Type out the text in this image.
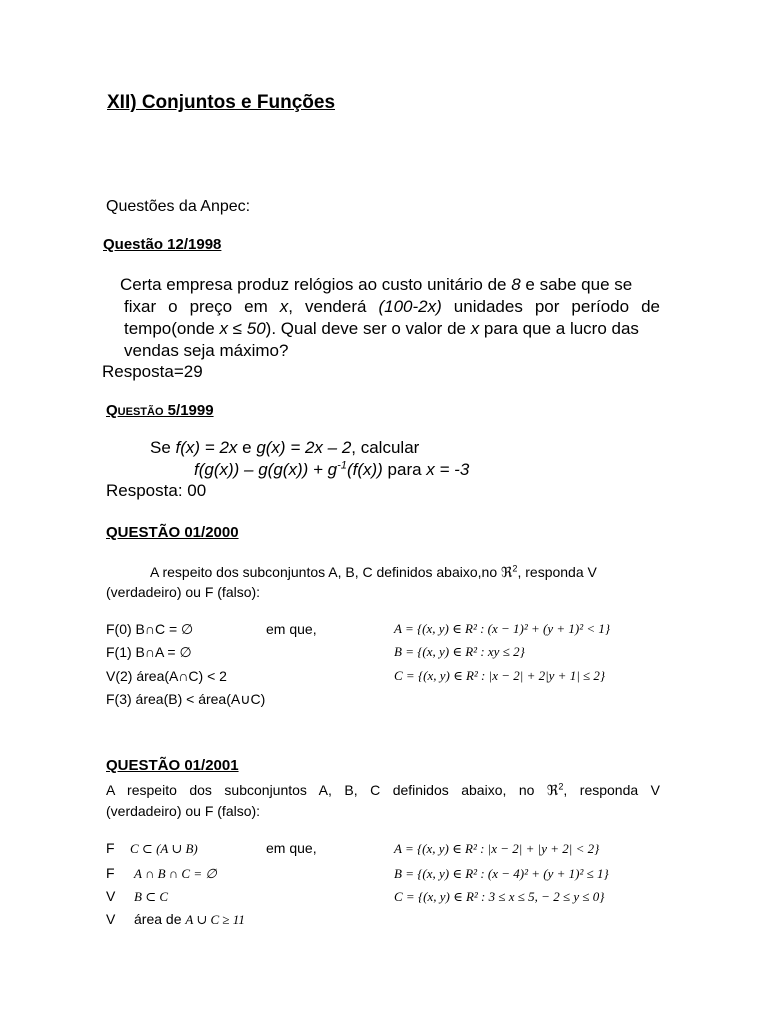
XII) Conjuntos e Funções
Questões da Anpec:
Questão 12/1998
Certa empresa produz relógios ao custo unitário de 8 e sabe que se
fixar o preço em x, venderá (100-2x) unidades por período de
tempo(onde x ≤ 50). Qual deve ser o valor de x para que a lucro das
vendas seja máximo?
Resposta=29
QUESTÃO 5/1999
Se f(x) = 2x e g(x) = 2x – 2, calcular
$f(g(x)) - g(g(x)) + g^{-1}(f(x))$ para x = -3
Resposta: 00
QUESTÃO 01/2000
A respeito dos subconjuntos A, B, C definidos abaixo,no ℜ$^2$, responda V
(verdadeiro) ou F (falso):
F(0) B∩C = ∅
F(1) B∩A = ∅
V(2) área(A∩C) < 2
F(3) área(B) < área(A∪C)
em que,	A = {(x, y) ∈ R² : (x − 1)² + (y + 1)² < 1}
B = {(x, y) ∈ R² : xy ≤ 2}
C = {(x, y) ∈ R² : |x − 2| + 2|y + 1| ≤ 2}
QUESTÃO 01/2001
A respeito dos subconjuntos A, B, C definidos abaixo, no ℜ$^2$, responda V
(verdadeiro) ou F (falso):
F C ⊂ (A ∪ B)
F A ∩ B ∩ C = ∅
V B ⊂ C
V área de A ∪ C ≥ 11
em que,	A = {(x, y) ∈ R² : |x − 2| + |y + 2| < 2}
B = {(x, y) ∈ R² : (x − 4)² + (y + 1)² ≤ 1}
C = {(x, y) ∈ R² : 3 ≤ x ≤ 5, − 2 ≤ y ≤ 0}
